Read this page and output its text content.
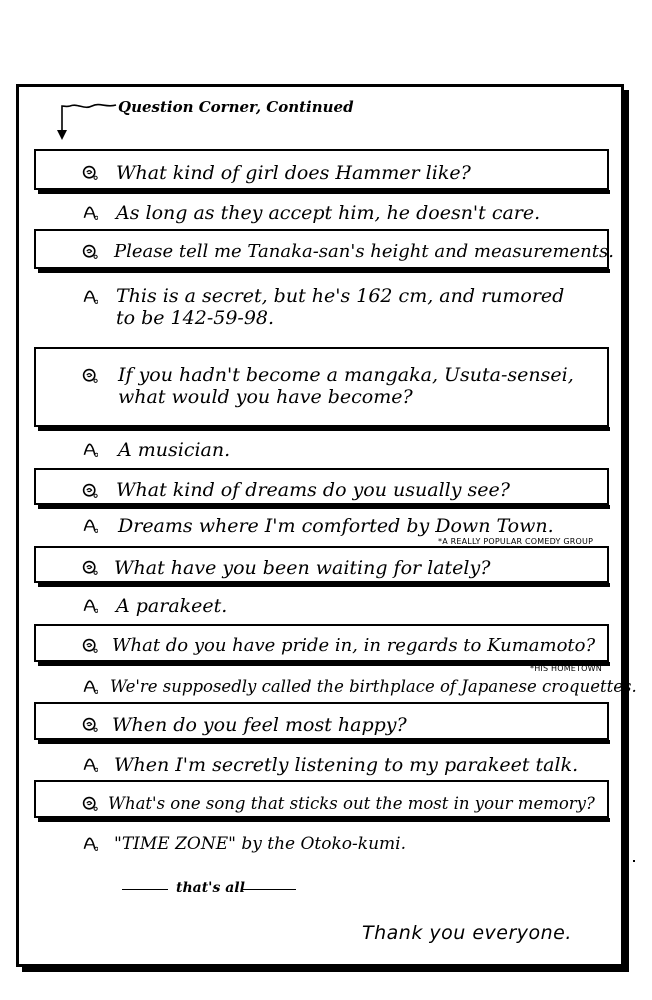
Question Corner, Continued
What kind of girl does Hammer like?
As long as they accept him, he doesn't care.
Please tell me Tanaka-san's height and measurements.
This is a secret, but he's 162 cm, and rumored
to be 142-59-98.
If you hadn't become a mangaka, Usuta-sensei,
what would you have become?
A musician.
What kind of dreams do you usually see?
Dreams where I'm comforted by Down Town.
*A REALLY POPULAR COMEDY GROUP
What have you been waiting for lately?
A parakeet.
What do you have pride in, in regards to Kumamoto?
*HIS HOMETOWN
We're supposedly called the birthplace of Japanese croquettes.
When do you feel most happy?
When I'm secretly listening to my parakeet talk.
What's one song that sticks out the most in your memory?
"TIME ZONE" by the Otoko-kumi.
that's all
Thank you everyone.
